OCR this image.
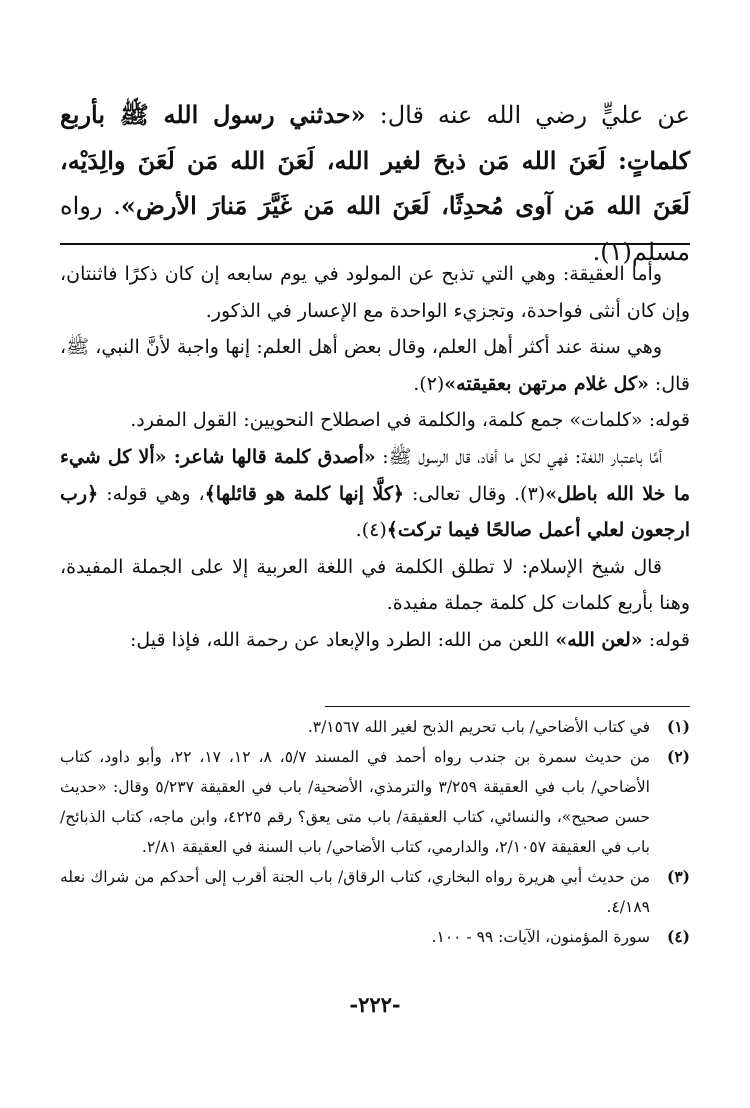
عن عليٍّ رضي الله عنه قال: «حدثني رسول الله ﷺ بأربع كلماتٍ: لَعَنَ الله مَن ذبحَ لغير الله، لَعَنَ الله مَن لَعَنَ والِدَيْه، لَعَنَ الله مَن آوى مُحدِثًا، لَعَنَ الله مَن غَيَّرَ مَنارَ الأرض». رواه مسلم(١).

وأما العقيقة: وهي التي تذبح عن المولود في يوم سابعه إن كان ذكرًا فاثنتان، وإن كان أنثى فواحدة، وتجزيء الواحدة مع الإعسار في الذكور.

وهي سنة عند أكثر أهل العلم، وقال بعض أهل العلم: إنها واجبة لأنَّ النبي، ﷺ، قال: «كل غلام مرتهن بعقيقته»(٢).

قوله: «كلمات» جمع كلمة، والكلمة في اصطلاح النحويين: القول المفرد.

أمَّا باعتبار اللغة: فهي لكل ما أفاد، قال الرسول ﷺ: «أصدق كلمة قالها شاعر: «ألا كل شيء ما خلا الله باطل»(٣). وقال تعالى: ﴿كلَّا إنها كلمة هو قائلها﴾، وهي قوله: ﴿رب ارجعون لعلي أعمل صالحًا فيما تركت﴾(٤).

قال شيخ الإسلام: لا تطلق الكلمة في اللغة العربية إلا على الجملة المفيدة، وهنا بأربع كلمات كل كلمة جملة مفيدة.

قوله: «لعن الله» اللعن من الله: الطرد والإبعاد عن رحمة الله، فإذا قيل:

(١)
في كتاب الأضاحي/ باب تحريم الذبح لغير الله ٣/١٥٦٧.
(٢)
من حديث سمرة بن جندب رواه أحمد في المسند ٥/٧، ٨، ١٢، ١٧، ٢٢، وأبو داود، كتاب الأضاحي/ باب في العقيقة ٣/٢٥٩ والترمذي، الأضحية/ باب في العقيقة ٥/٢٣٧ وقال: «حديث حسن صحيح»، والنسائي، كتاب العقيقة/ باب متى يعق؟ رقم ٤٢٢٥، وابن ماجه، كتاب الذبائح/ باب في العقيقة ٢/١٠٥٧، والدارمي، كتاب الأضاحي/ باب السنة في العقيقة ٢/٨١.
(٣)
من حديث أبي هريرة رواه البخاري، كتاب الرقاق/ باب الجنة أقرب إلى أحدكم من شراك نعله ٤/١٨٩.
(٤)
سورة المؤمنون، الآيات: ٩٩ - ١٠٠.
-٢٢٢-
